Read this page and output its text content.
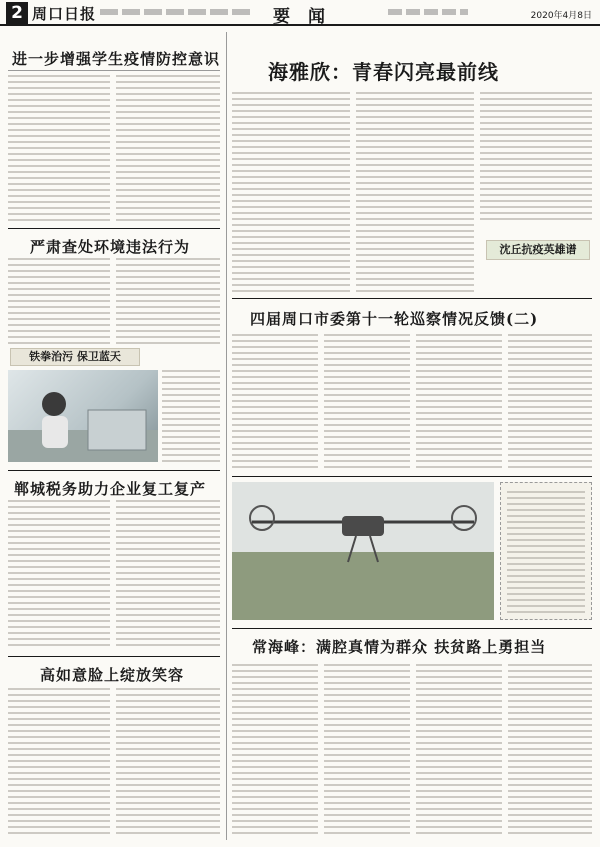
2 周口日报	要 闻	2020年4月8日
进一步增强学生疫情防控意识
严肃查处环境违法行为
铁拳治污 保卫蓝天
郸城税务助力企业复工复产
高如意脸上绽放笑容
海雅欣：青春闪亮最前线
沈丘抗疫英雄谱
四届周口市委第十一轮巡察情况反馈(二)
常海峰：满腔真情为群众 扶贫路上勇担当
